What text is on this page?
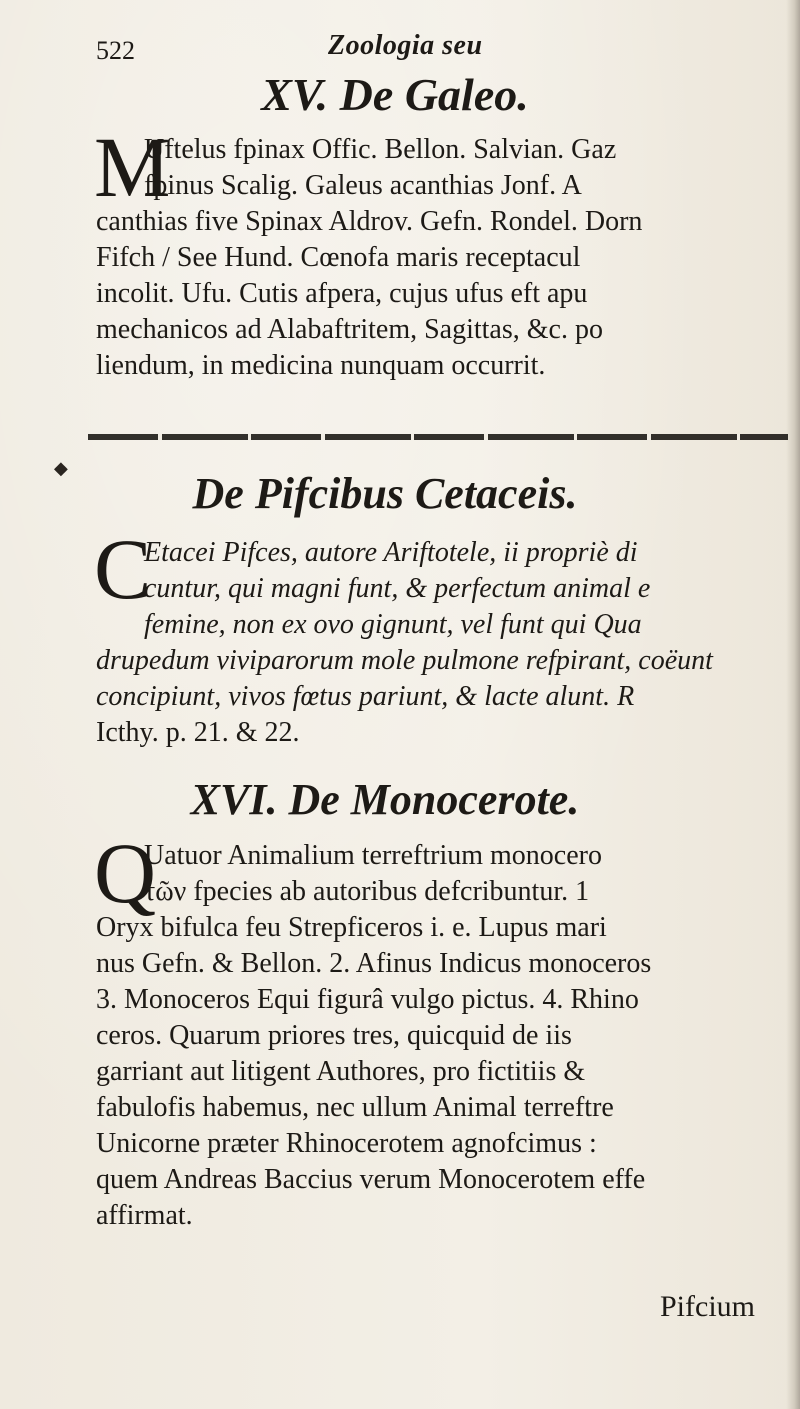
522	Zoologia seu
XV. De Galeo.
M
Uftelus fpinax Offic. Bellon. Salvian. Gaz
fpinus Scalig. Galeus acanthias Jonf. A
canthias five Spinax Aldrov. Gefn. Rondel. Dorn
Fifch / See Hund. Cœnofa maris receptacul
incolit. Ufu. Cutis afpera, cujus ufus eft apu
mechanicos ad Alabaftritem, Sagittas, &c. po
liendum, in medicina nunquam occurrit.
◆
De Pifcibus Cetaceis.
C
Etacei Pifces, autore Ariftotele, ii propriè di
cuntur, qui magni funt, & perfectum animal e
femine, non ex ovo gignunt, vel funt qui Qua
drupedum viviparorum mole pulmone refpirant, coëunt
concipiunt, vivos fœtus pariunt, & lacte alunt. R
Icthy. p. 21. & 22.
XVI. De Monocerote.
Q
Uatuor Animalium terreftrium monocero
τῶν fpecies ab autoribus defcribuntur. 1
Oryx bifulca feu Strepficeros i. e. Lupus mari
nus Gefn. & Bellon. 2. Afinus Indicus monoceros
3. Monoceros Equi figurâ vulgo pictus. 4. Rhino
ceros. Quarum priores tres, quicquid de iis
garriant aut litigent Authores, pro fictitiis &
fabulofis habemus, nec ullum Animal terreftre
Unicorne præter Rhinocerotem agnofcimus :
quem Andreas Baccius verum Monocerotem effe
affirmat.
Pifcium
